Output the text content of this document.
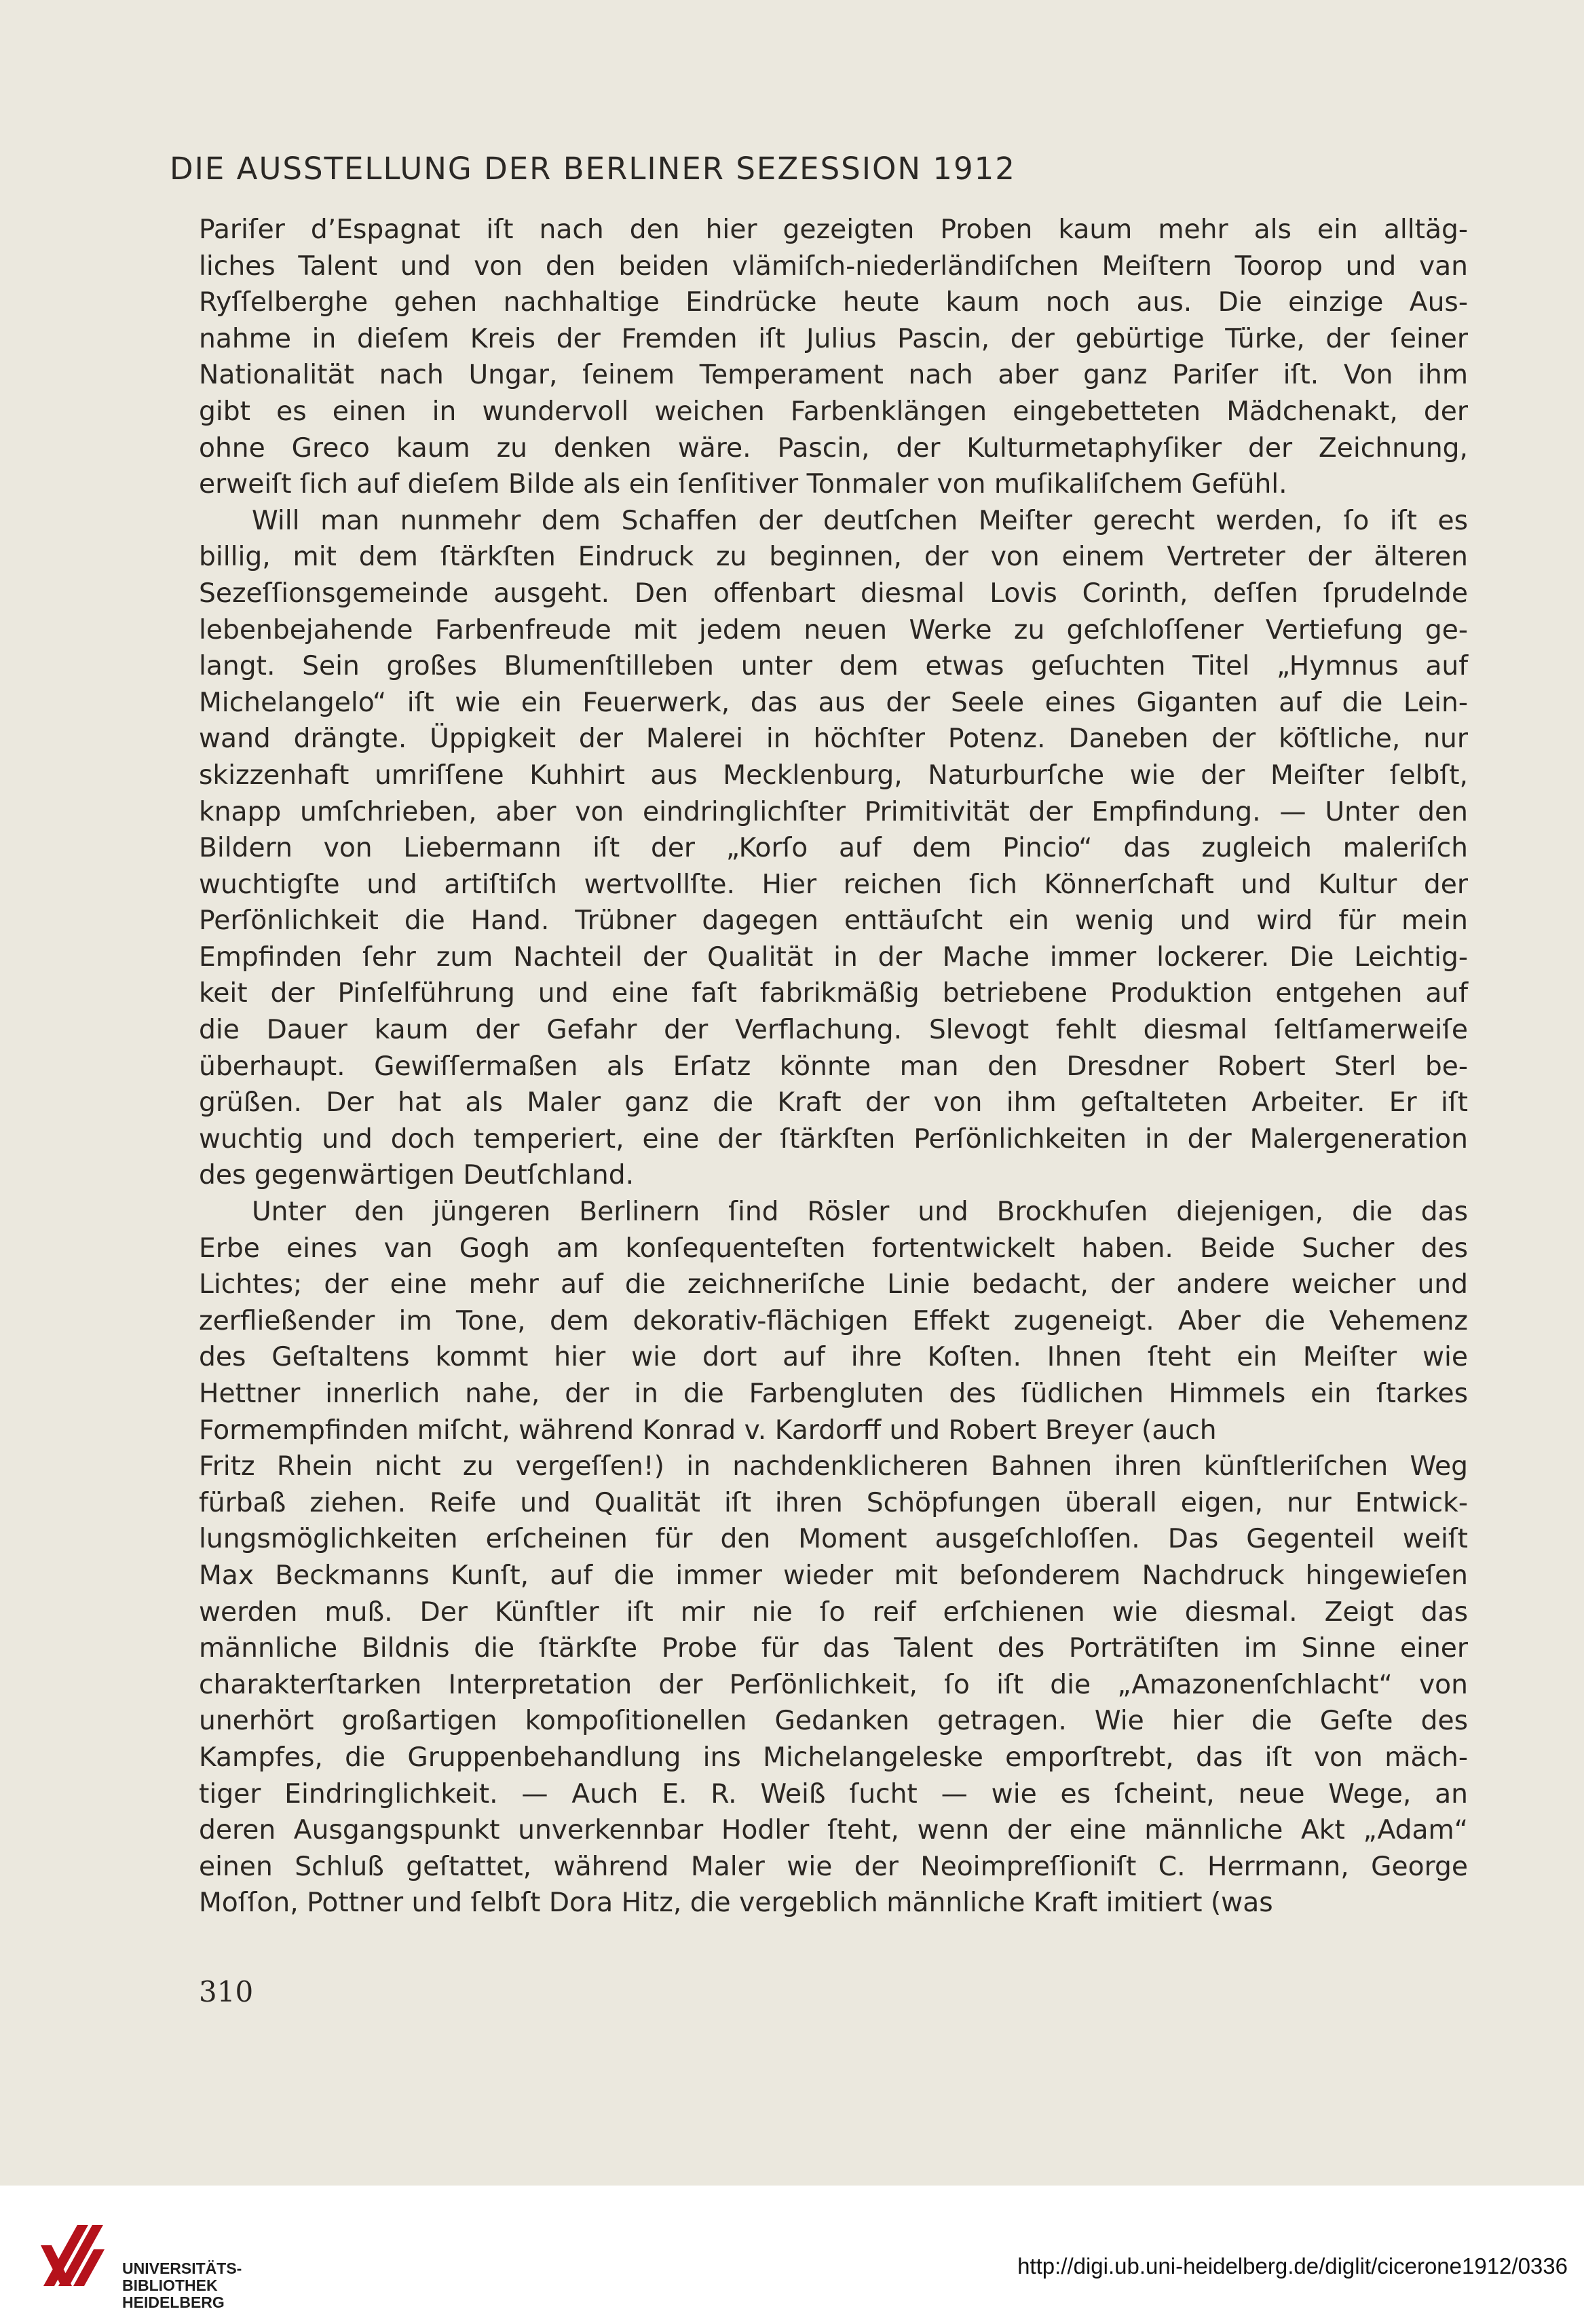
DIE AUSSTELLUNG DER BERLINER SEZESSION 1912
Pariſer d’Espagnat iſt nach den hier gezeigten Proben kaum mehr als ein alltäg-
liches Talent und von den beiden vlämiſch-niederländiſchen Meiſtern Toorop und van
Ryſſelberghe gehen nachhaltige Eindrücke heute kaum noch aus. Die einzige Aus-
nahme in dieſem Kreis der Fremden iſt Julius Pascin, der gebürtige Türke, der ſeiner
Nationalität nach Ungar, ſeinem Temperament nach aber ganz Pariſer iſt. Von ihm
gibt es einen in wundervoll weichen Farbenklängen eingebetteten Mädchenakt, der
ohne Greco kaum zu denken wäre. Pascin, der Kulturmetaphyſiker der Zeichnung,
erweiſt ſich auf dieſem Bilde als ein ſenſitiver Tonmaler von muſikaliſchem Gefühl.
Will man nunmehr dem Schaffen der deutſchen Meiſter gerecht werden, ſo iſt es
billig, mit dem ſtärkſten Eindruck zu beginnen, der von einem Vertreter der älteren
Sezeſſionsgemeinde ausgeht. Den offenbart diesmal Lovis Corinth, deſſen ſprudelnde
lebenbejahende Farbenfreude mit jedem neuen Werke zu geſchloſſener Vertiefung ge-
langt. Sein großes Blumenſtilleben unter dem etwas geſuchten Titel „Hymnus auf
Michelangelo“ iſt wie ein Feuerwerk, das aus der Seele eines Giganten auf die Lein-
wand drängte. Üppigkeit der Malerei in höchſter Potenz. Daneben der köſtliche, nur
skizzenhaft umriſſene Kuhhirt aus Mecklenburg, Naturburſche wie der Meiſter ſelbſt,
knapp umſchrieben, aber von eindringlichſter Primitivität der Empfindung. — Unter den
Bildern von Liebermann iſt der „Korſo auf dem Pincio“ das zugleich maleriſch
wuchtigſte und artiſtiſch wertvollſte. Hier reichen ſich Könnerſchaft und Kultur der
Perſönlichkeit die Hand. Trübner dagegen enttäuſcht ein wenig und wird für mein
Empfinden ſehr zum Nachteil der Qualität in der Mache immer lockerer. Die Leichtig-
keit der Pinſelführung und eine faſt fabrikmäßig betriebene Produktion entgehen auf
die Dauer kaum der Gefahr der Verflachung. Slevogt fehlt diesmal ſeltſamerweiſe
überhaupt. Gewiſſermaßen als Erſatz könnte man den Dresdner Robert Sterl be-
grüßen. Der hat als Maler ganz die Kraft der von ihm geſtalteten Arbeiter. Er iſt
wuchtig und doch temperiert, eine der ſtärkſten Perſönlichkeiten in der Malergeneration
des gegenwärtigen Deutſchland.
Unter den jüngeren Berlinern ſind Rösler und Brockhuſen diejenigen, die das
Erbe eines van Gogh am konſequenteſten fortentwickelt haben. Beide Sucher des
Lichtes; der eine mehr auf die zeichneriſche Linie bedacht, der andere weicher und
zerfließender im Tone, dem dekorativ-flächigen Effekt zugeneigt. Aber die Vehemenz
des Geſtaltens kommt hier wie dort auf ihre Koſten. Ihnen ſteht ein Meiſter wie
Hettner innerlich nahe, der in die Farbengluten des ſüdlichen Himmels ein ſtarkes
Formempfinden miſcht, während Konrad v. Kardorff und Robert Breyer (auch
Fritz Rhein nicht zu vergeſſen!) in nachdenklicheren Bahnen ihren künſtleriſchen Weg
fürbaß ziehen. Reife und Qualität iſt ihren Schöpfungen überall eigen, nur Entwick-
lungsmöglichkeiten erſcheinen für den Moment ausgeſchloſſen. Das Gegenteil weiſt
Max Beckmanns Kunſt, auf die immer wieder mit beſonderem Nachdruck hingewieſen
werden muß. Der Künſtler iſt mir nie ſo reif erſchienen wie diesmal. Zeigt das
männliche Bildnis die ſtärkſte Probe für das Talent des Porträtiſten im Sinne einer
charakterſtarken Interpretation der Perſönlichkeit, ſo iſt die „Amazonenſchlacht“ von
unerhört großartigen kompoſitionellen Gedanken getragen. Wie hier die Geſte des
Kampfes, die Gruppenbehandlung ins Michelangeleske emporſtrebt, das iſt von mäch-
tiger Eindringlichkeit. — Auch E. R. Weiß ſucht — wie es ſcheint, neue Wege, an
deren Ausgangspunkt unverkennbar Hodler ſteht, wenn der eine männliche Akt „Adam“
einen Schluß geſtattet, während Maler wie der Neoimpreſſioniſt C. Herrmann, George
Moſſon, Pottner und ſelbſt Dora Hitz, die vergeblich männliche Kraft imitiert (was
310
UNIVERSITÄTS-
BIBLIOTHEK
HEIDELBERG
http://digi.ub.uni-heidelberg.de/diglit/cicerone1912/0336
